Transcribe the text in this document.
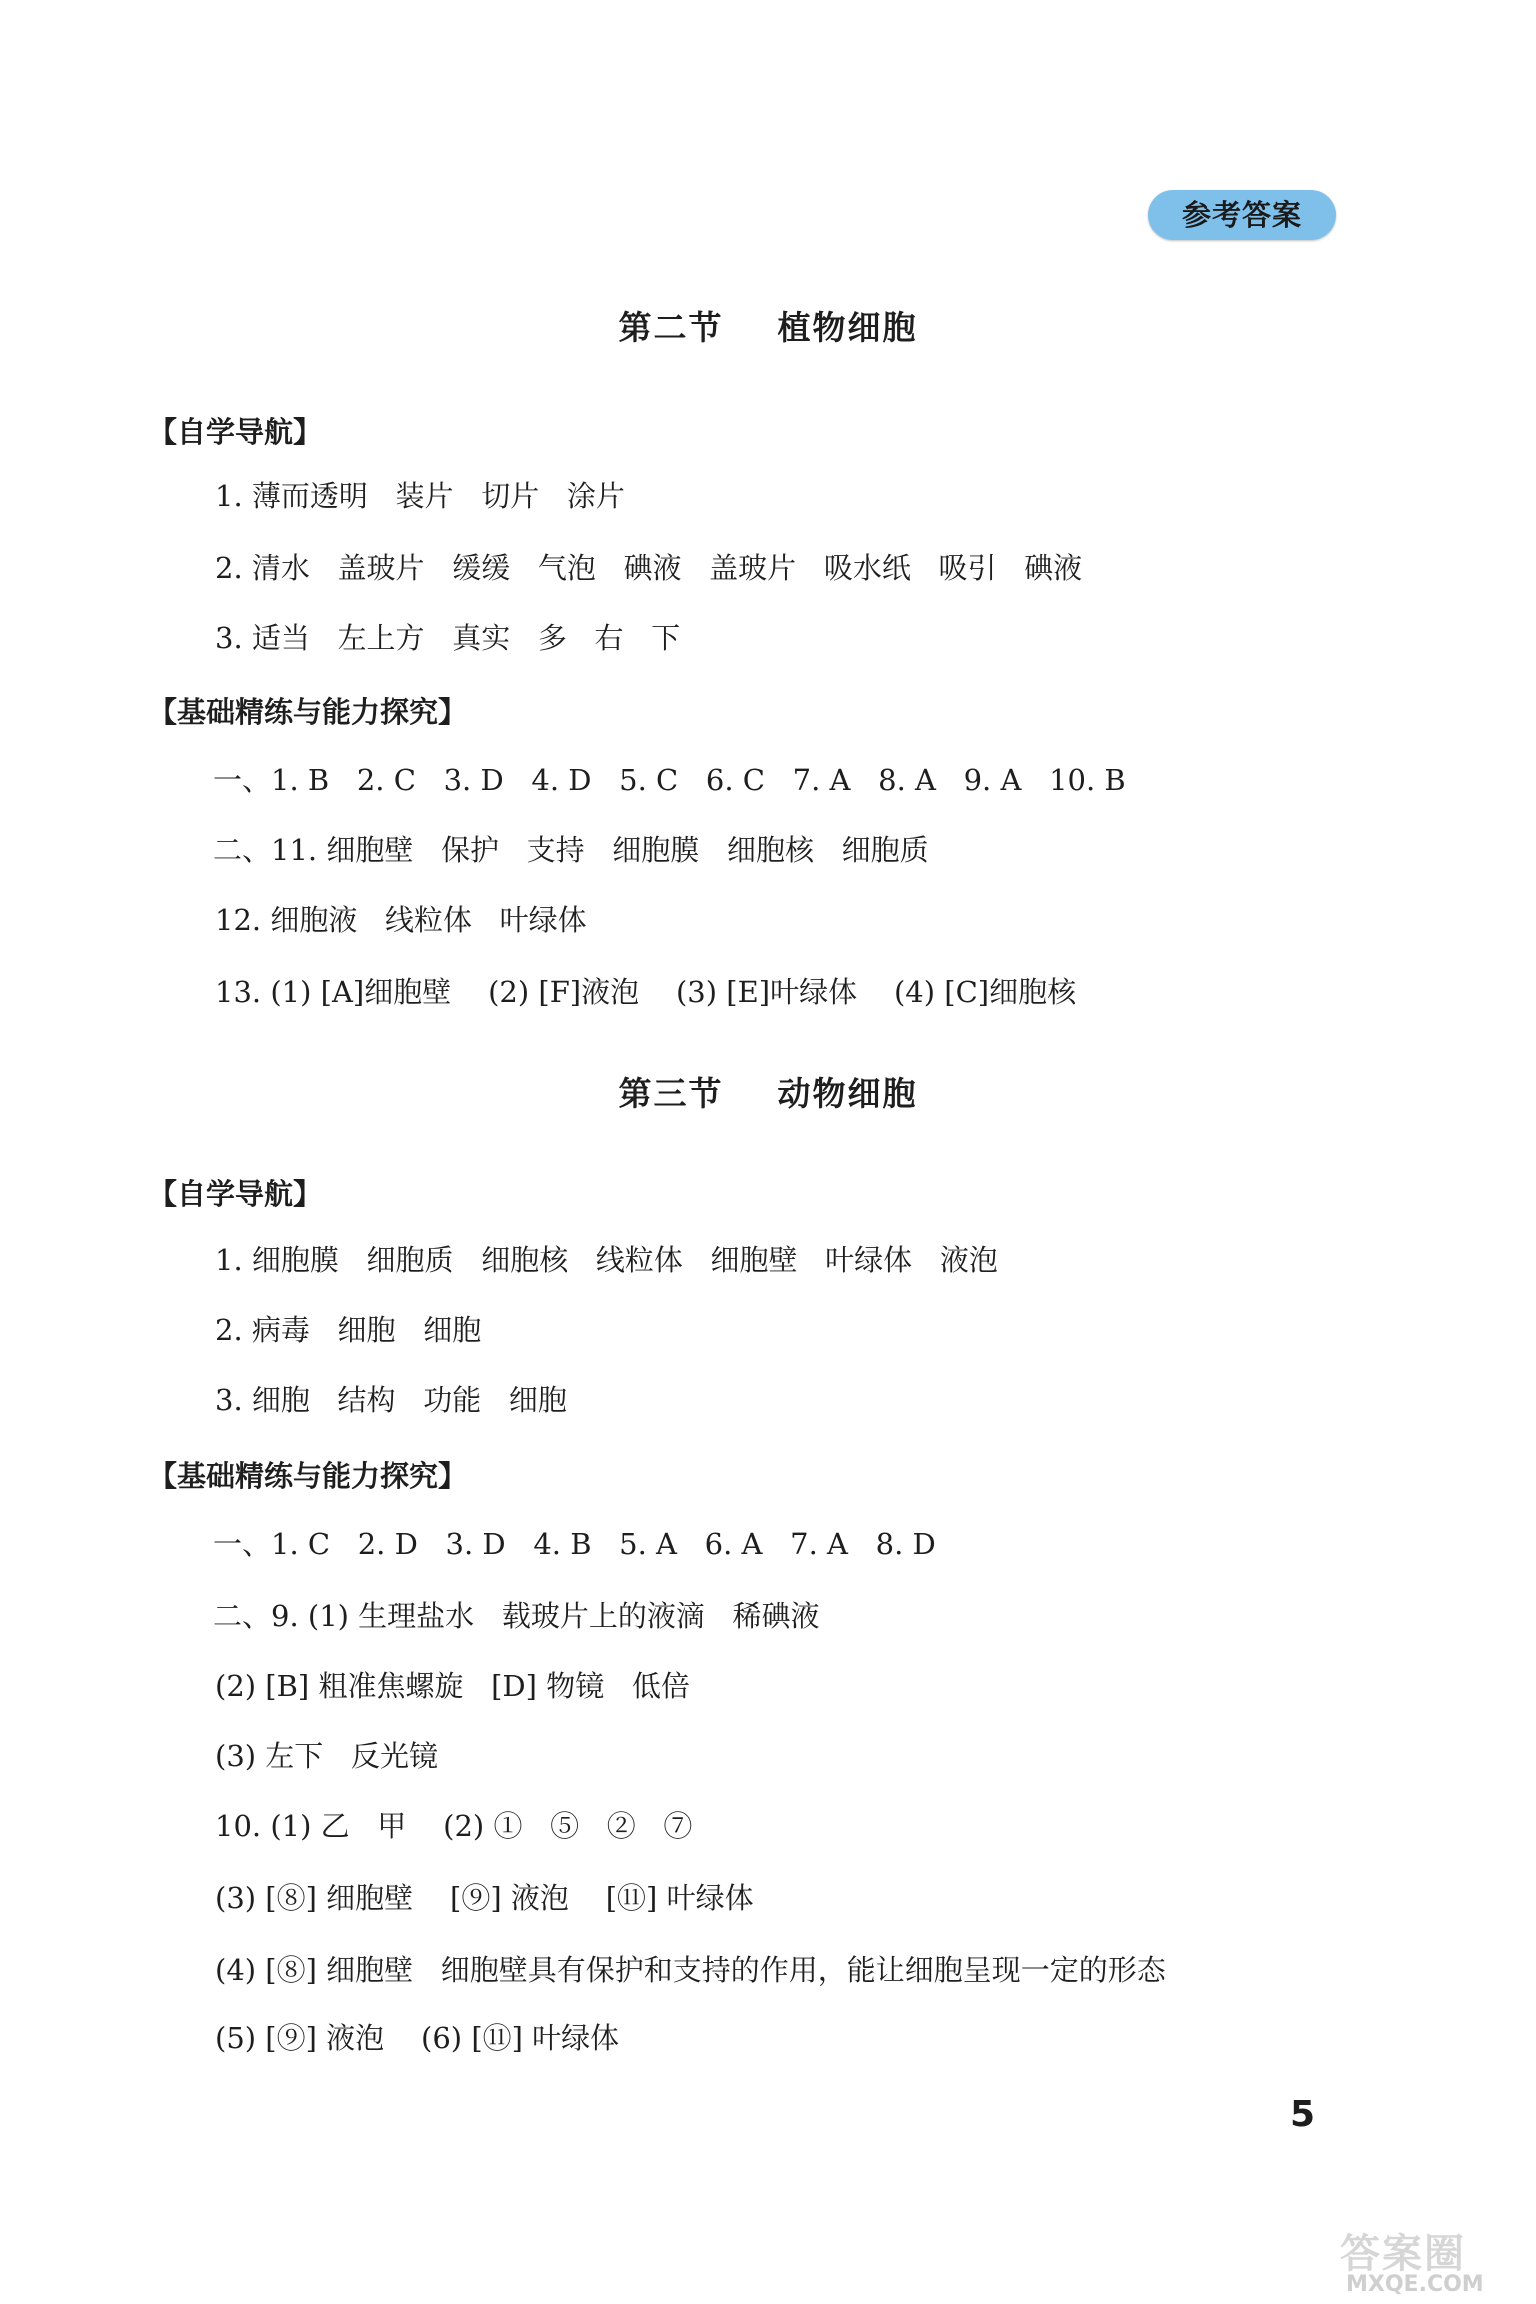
参考答案
第二节    植物细胞
【自学导航】
1. 薄而透明   装片   切片   涂片
2. 清水   盖玻片   缓缓   气泡   碘液   盖玻片   吸水纸   吸引   碘液
3. 适当   左上方   真实   多   右   下
【基础精练与能力探究】
一、1. B   2. C   3. D   4. D   5. C   6. C   7. A   8. A   9. A   10. B
二、11. 细胞壁   保护   支持   细胞膜   细胞核   细胞质
12. 细胞液   线粒体   叶绿体
13. (1) [A]细胞壁    (2) [F]液泡    (3) [E]叶绿体    (4) [C]细胞核
第三节    动物细胞
【自学导航】
1. 细胞膜   细胞质   细胞核   线粒体   细胞壁   叶绿体   液泡
2. 病毒   细胞   细胞
3. 细胞   结构   功能   细胞
【基础精练与能力探究】
一、1. C   2. D   3. D   4. B   5. A   6. A   7. A   8. D
二、9. (1) 生理盐水   载玻片上的液滴   稀碘液
(2) [B] 粗准焦螺旋   [D] 物镜   低倍
(3) 左下   反光镜
10. (1) 乙   甲    (2) ①   ⑤   ②   ⑦
(3) [⑧] 细胞壁    [⑨] 液泡    [⑪] 叶绿体
(4) [⑧] 细胞壁   细胞壁具有保护和支持的作用，能让细胞呈现一定的形态
(5) [⑨] 液泡    (6) [⑪] 叶绿体
5
答案圈
MXQE.COM
